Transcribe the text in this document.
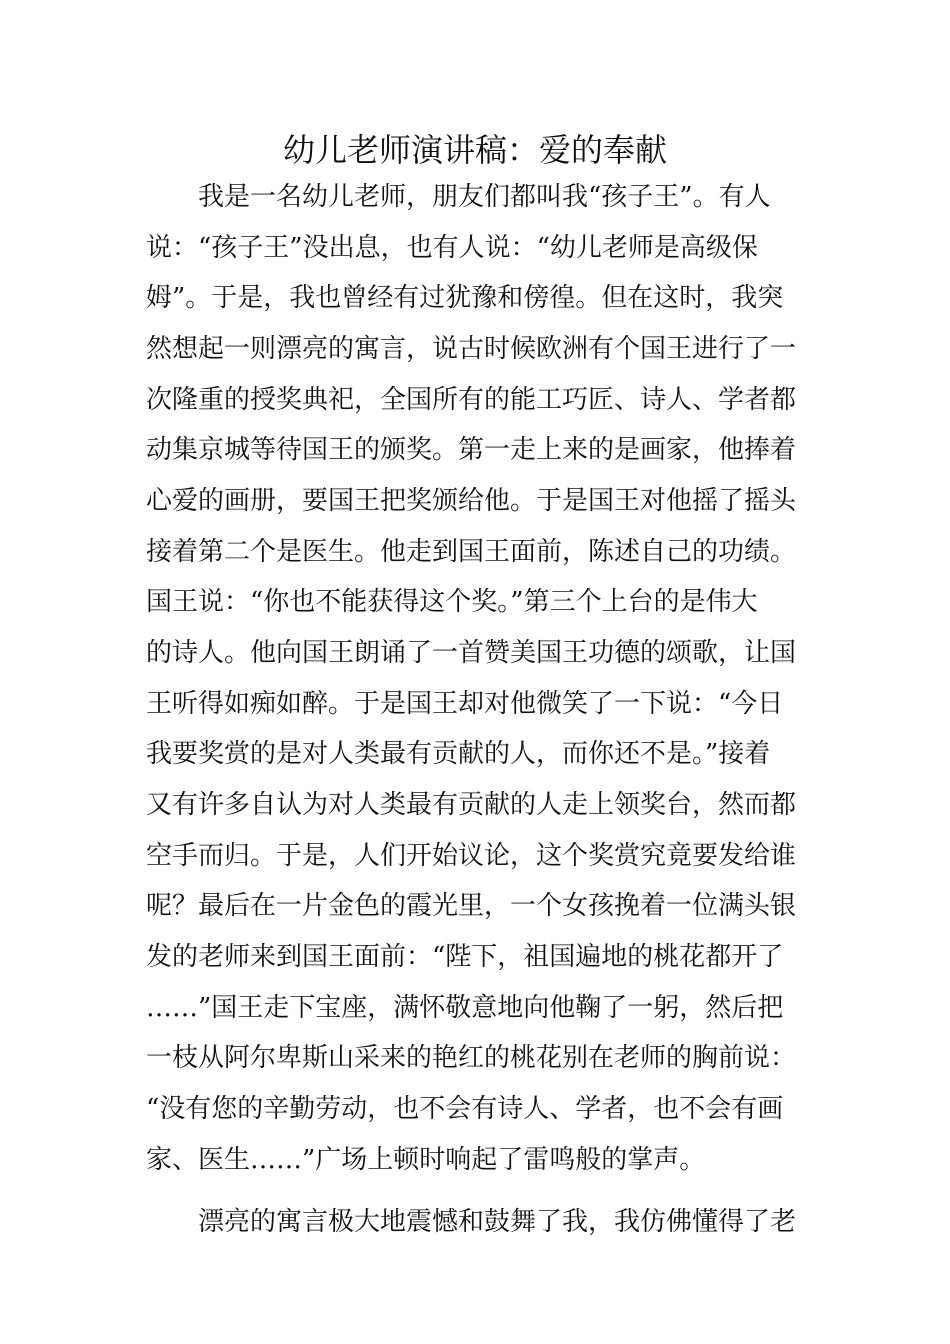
幼儿老师演讲稿：爱的奉献
我是一名幼儿老师，朋友们都叫我“孩子王”。有人
说：“孩子王”没出息，也有人说：“幼儿老师是高级保
姆”。于是，我也曾经有过犹豫和傍徨。但在这时，我突
然想起一则漂亮的寓言，说古时候欧洲有个国王进行了一
次隆重的授奖典祀，全国所有的能工巧匠、诗人、学者都
动集京城等待国王的颁奖。第一走上来的是画家，他捧着
心爱的画册，要国王把奖颁给他。于是国王对他摇了摇头
接着第二个是医生。他走到国王面前，陈述自己的功绩。
国王说：“你也不能获得这个奖。”第三个上台的是伟大
的诗人。他向国王朗诵了一首赞美国王功德的颂歌，让国
王听得如痴如醉。于是国王却对他微笑了一下说：“今日
我要奖赏的是对人类最有贡献的人，而你还不是。”接着
又有许多自认为对人类最有贡献的人走上领奖台，然而都
空手而归。于是，人们开始议论，这个奖赏究竟要发给谁
呢？最后在一片金色的霞光里，一个女孩挽着一位满头银
发的老师来到国王面前：“陛下，祖国遍地的桃花都开了
……”国王走下宝座，满怀敬意地向他鞠了一躬，然后把
一枝从阿尔卑斯山采来的艳红的桃花别在老师的胸前说：
“没有您的辛勤劳动，也不会有诗人、学者，也不会有画
家、医生……”广场上顿时响起了雷鸣般的掌声。
漂亮的寓言极大地震憾和鼓舞了我，我仿佛懂得了老
